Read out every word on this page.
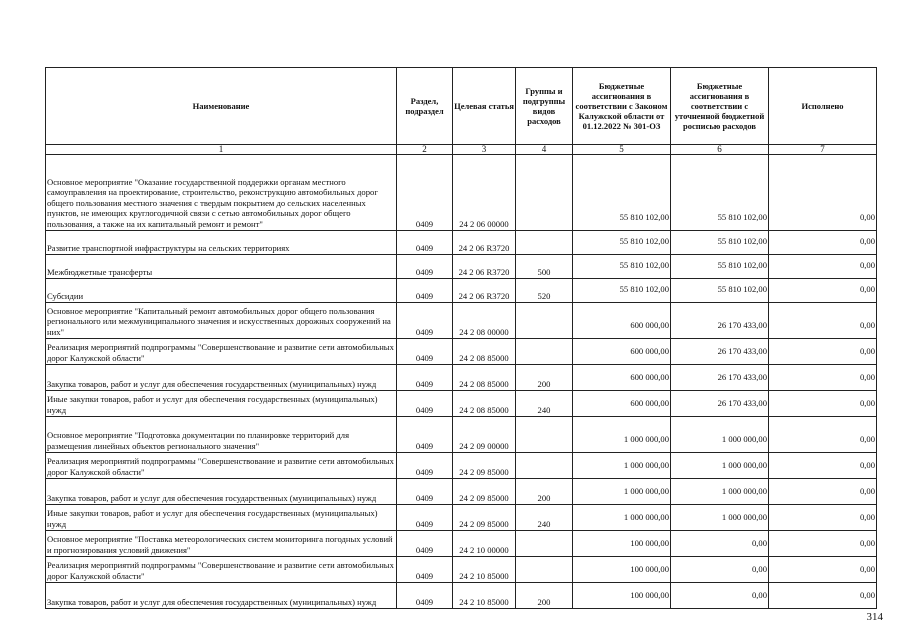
Наименование	Раздел, подраздел	Целевая статья	Группы и подгруппы видов расходов	Бюджетные ассигнования в соответствии с Законом Калужской области от 01.12.2022 № 301-ОЗ	Бюджетные ассигнования в соответствии с уточненной бюджетной росписью расходов	Исполнено
1	2	3	4	5	6	7
Основное мероприятие "Оказание государственной поддержки органам местного самоуправления на проектирование, строительство, реконструкцию автомобильных дорог общего пользования местного значения с твердым покрытием до сельских населенных пунктов, не имеющих круглогодичной связи с сетью автомобильных дорог общего пользования, а также на их капитальный ремонт и ремонт"	0409	24 2 06 00000		55 810 102,00	55 810 102,00	0,00
Развитие транспортной инфраструктуры на сельских территориях	0409	24 2 06 R3720		55 810 102,00	55 810 102,00	0,00
Межбюджетные трансферты	0409	24 2 06 R3720	500	55 810 102,00	55 810 102,00	0,00
Субсидии	0409	24 2 06 R3720	520	55 810 102,00	55 810 102,00	0,00
Основное мероприятие "Капитальный ремонт автомобильных дорог общего пользования регионального или межмуниципального значения и искусственных дорожных сооружений на них"	0409	24 2 08 00000		600 000,00	26 170 433,00	0,00
Реализация мероприятий подпрограммы "Совершенствование и развитие сети автомобильных дорог Калужской области"	0409	24 2 08 85000		600 000,00	26 170 433,00	0,00
Закупка товаров, работ и услуг для обеспечения государственных (муниципальных) нужд	0409	24 2 08 85000	200	600 000,00	26 170 433,00	0,00
Иные закупки товаров, работ и услуг для обеспечения государственных (муниципальных) нужд	0409	24 2 08 85000	240	600 000,00	26 170 433,00	0,00
Основное мероприятие "Подготовка документации по планировке территорий для размещения линейных объектов регионального значения"	0409	24 2 09 00000		1 000 000,00	1 000 000,00	0,00
Реализация мероприятий подпрограммы "Совершенствование и развитие сети автомобильных дорог Калужской области"	0409	24 2 09 85000		1 000 000,00	1 000 000,00	0,00
Закупка товаров, работ и услуг для обеспечения государственных (муниципальных) нужд	0409	24 2 09 85000	200	1 000 000,00	1 000 000,00	0,00
Иные закупки товаров, работ и услуг для обеспечения государственных (муниципальных) нужд	0409	24 2 09 85000	240	1 000 000,00	1 000 000,00	0,00
Основное мероприятие "Поставка метеорологических систем мониторинга погодных условий и прогнозирования условий движения"	0409	24 2 10 00000		100 000,00	0,00	0,00
Реализация мероприятий подпрограммы "Совершенствование и развитие сети автомобильных дорог Калужской области"	0409	24 2 10 85000		100 000,00	0,00	0,00
Закупка товаров, работ и услуг для обеспечения государственных (муниципальных) нужд	0409	24 2 10 85000	200	100 000,00	0,00	0,00
314
